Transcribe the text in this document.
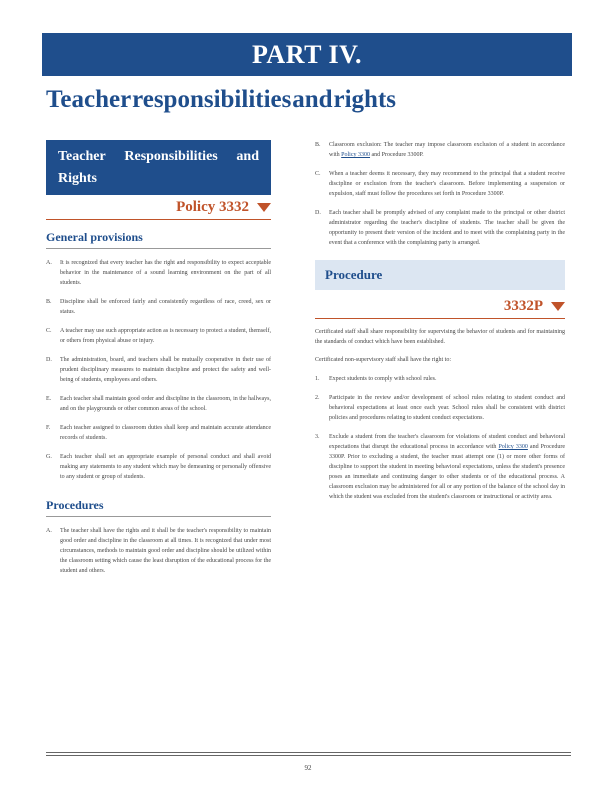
PART IV.
Teacher responsibilities and rights
Teacher Responsibilities and
Rights
Policy 3332
General provisions
A.	It is recognized that every teacher has the right and responsibility to expect acceptable behavior in the maintenance of a sound learning environment on the part of all students.
B.	Discipline shall be enforced fairly and consistently regardless of race, creed, sex or status.
C.	A teacher may use such appropriate action as is necessary to protect a student, themself, or others from physical abuse or injury.
D.	The administration, board, and teachers shall be mutually cooperative in their use of prudent disciplinary measures to maintain discipline and protect the safety and well-being of students, employees and others.
E.	Each teacher shall maintain good order and discipline in the classroom, in the hallways, and on the playgrounds or other common areas of the school.
F.	Each teacher assigned to classroom duties shall keep and maintain accurate attendance records of students.
G.	Each teacher shall set an appropriate example of personal conduct and shall avoid making any statements to any student which may be demeaning or personally offensive to any student or group of students.
Procedures
A.	The teacher shall have the rights and it shall be the teacher's responsibility to maintain good order and discipline in the classroom at all times. It is recognized that under most circumstances, methods to maintain good order and discipline should be utilized within the classroom setting which cause the least disruption of the educational process for the student and others.
B.	Classroom exclusion: The teacher may impose classroom exclusion of a student in accordance with Policy 3300 and Procedure 3300P.
C.	When a teacher deems it necessary, they may recommend to the principal that a student receive discipline or exclusion from the teacher's classroom. Before implementing a suspension or expulsion, staff must follow the procedures set forth in Procedure 3300P.
D.	Each teacher shall be promptly advised of any complaint made to the principal or other district administrator regarding the teacher's discipline of students. The teacher shall be given the opportunity to present their version of the incident and to meet with the complaining party in the event that a conference with the complaining party is arranged.
Procedure
3332P
Certificated staff shall share responsibility for supervising the behavior of students and for maintaining the standards of conduct which have been established.
Certificated non-supervisory staff shall have the right to:
1.	Expect students to comply with school rules.
2.	Participate in the review and/or development of school rules relating to student conduct and behavioral expectations at least once each year. School rules shall be consistent with district policies and procedures relating to student conduct expectations.
3.	Exclude a student from the teacher's classroom for violations of student conduct and behavioral expectations that disrupt the educational process in accordance with Policy 3300 and Procedure 3300P. Prior to excluding a student, the teacher must attempt one (1) or more other forms of discipline to support the student in meeting behavioral expectations, unless the student's presence poses an immediate and continuing danger to other students or of the educational process. A classroom exclusion may be administered for all or any portion of the balance of the school day in which the student was excluded from the student's classroom or instructional or activity area.
92
